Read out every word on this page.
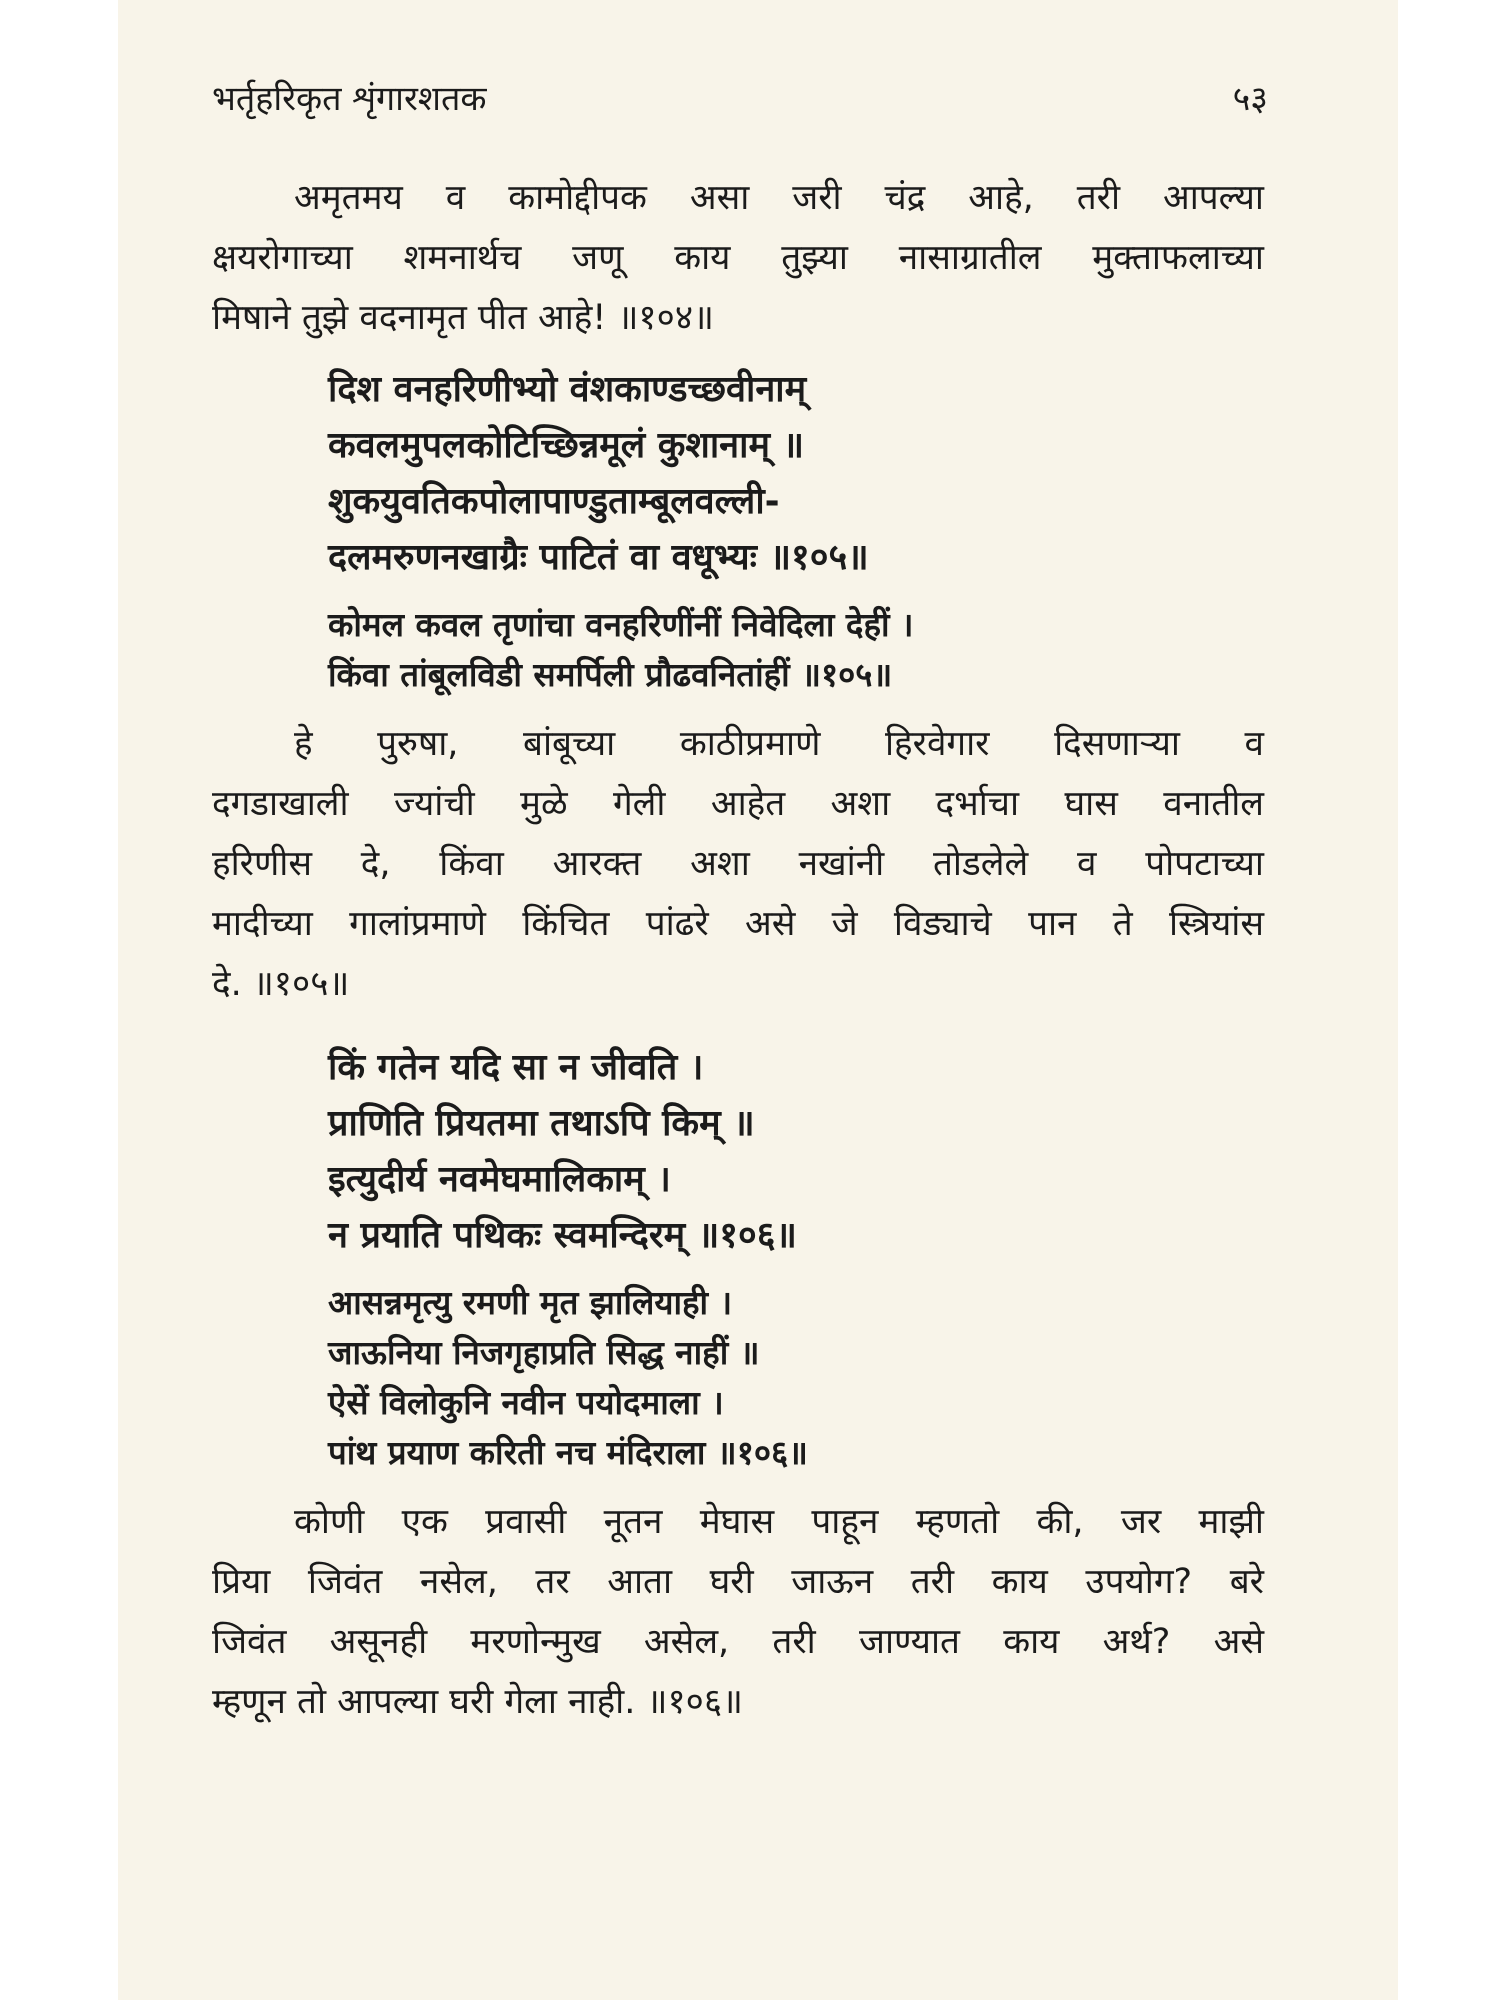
भर्तृहरिकृत शृंगारशतक	५३

अमृतमय व कामोद्दीपक असा जरी चंद्र आहे, तरी आपल्या
क्षयरोगाच्या शमनार्थच जणू काय तुझ्या नासाग्रातील मुक्ताफलाच्या
मिषाने तुझे वदनामृत पीत आहे! ॥१०४॥

दिश वनहरिणीभ्यो वंशकाण्डच्छवीनाम्
कवलमुपलकोटिच्छिन्नमूलं कुशानाम् ॥
शुकयुवतिकपोलापाण्डुताम्बूलवल्ली-
दलमरुणनखाग्रैः पाटितं वा वधूभ्यः ॥१०५॥
कोमल कवल तृणांचा वनहरिणींनीं निवेदिला देहीं ।
किंवा तांबूलविडी समर्पिली प्रौढवनितांहीं ॥१०५॥

हे पुरुषा, बांबूच्या काठीप्रमाणे हिरवेगार दिसणाऱ्या व
दगडाखाली ज्यांची मुळे गेली आहेत अशा दर्भाचा घास वनातील
हरिणीस दे, किंवा आरक्त अशा नखांनी तोडलेले व पोपटाच्या
मादीच्या गालांप्रमाणे किंचित पांढरे असे जे विड्याचे पान ते स्त्रियांस
दे. ॥१०५॥

किं गतेन यदि सा न जीवति ।
प्राणिति प्रियतमा तथाऽपि किम् ॥
इत्युदीर्य नवमेघमालिकाम् ।
न प्रयाति पथिकः स्वमन्दिरम् ॥१०६॥
आसन्नमृत्यु रमणी मृत झालियाही ।
जाऊनिया निजगृहाप्रति सिद्ध नाहीं ॥
ऐसें विलोकुनि नवीन पयोदमाला ।
पांथ प्रयाण करिती नच मंदिराला ॥१०६॥

कोणी एक प्रवासी नूतन मेघास पाहून म्हणतो की, जर माझी
प्रिया जिवंत नसेल, तर आता घरी जाऊन तरी काय उपयोग? बरे
जिवंत असूनही मरणोन्मुख असेल, तरी जाण्यात काय अर्थ? असे
म्हणून तो आपल्या घरी गेला नाही. ॥१०६॥
